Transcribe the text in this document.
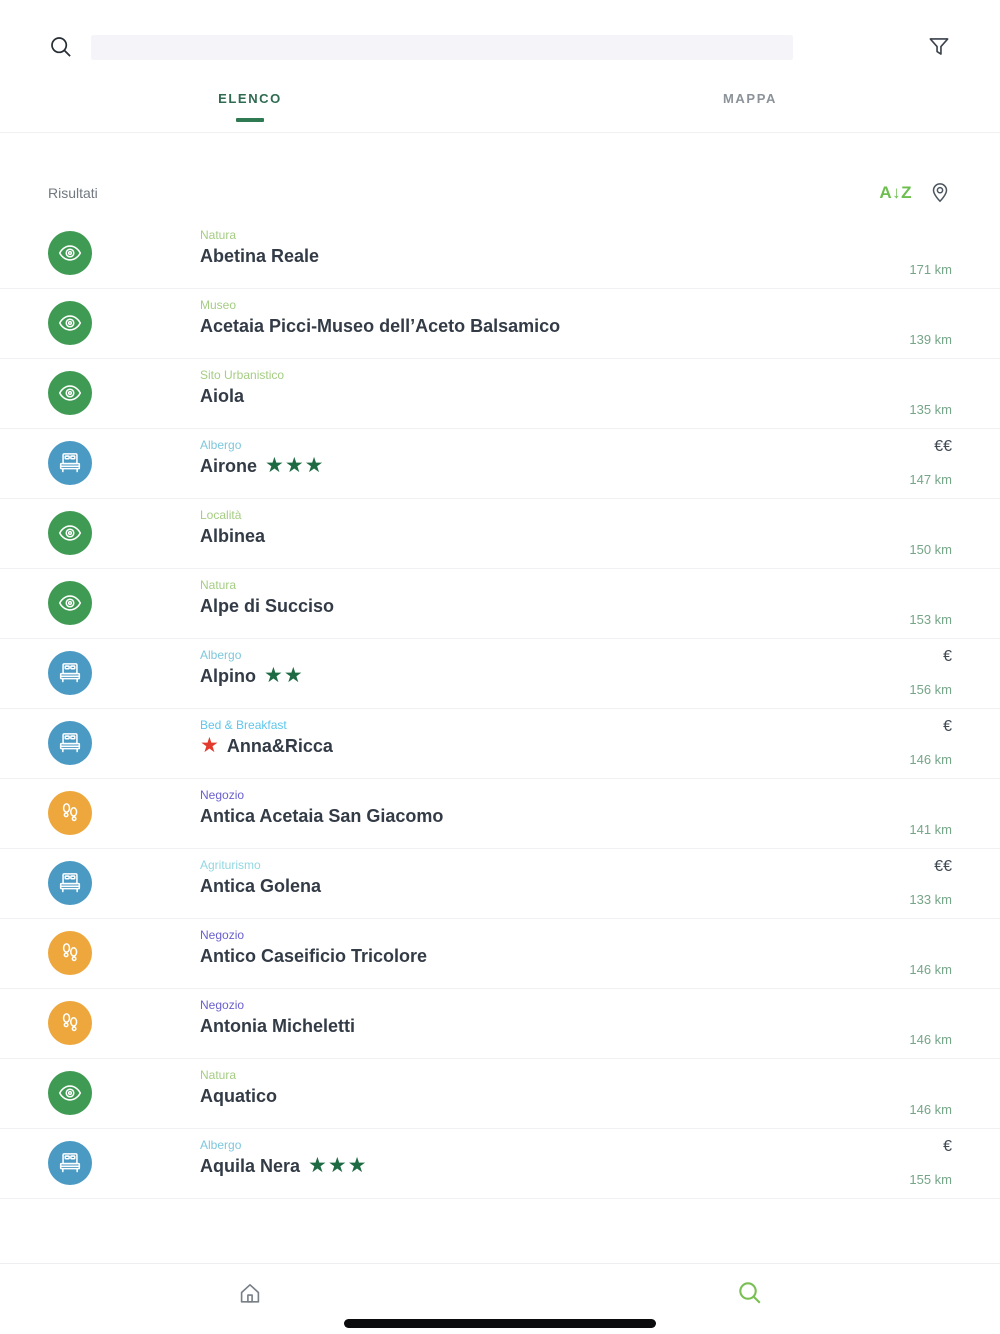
ELENCO	MAPPA
Risultati	A↓Z
Natura
Abetina Reale
171 km
Museo
Acetaia Picci-Museo dell’Aceto Balsamico
139 km
Sito Urbanistico
Aiola
135 km
Albergo
Airone ★★★
€€
147 km
Località
Albinea
150 km
Natura
Alpe di Succiso
153 km
Albergo
Alpino ★★
€
156 km
Bed & Breakfast
★ Anna&Ricca
€
146 km
Negozio
Antica Acetaia San Giacomo
141 km
Agriturismo
Antica Golena
€€
133 km
Negozio
Antico Caseificio Tricolore
146 km
Negozio
Antonia Micheletti
146 km
Natura
Aquatico
146 km
Albergo
Aquila Nera ★★★
€
155 km
